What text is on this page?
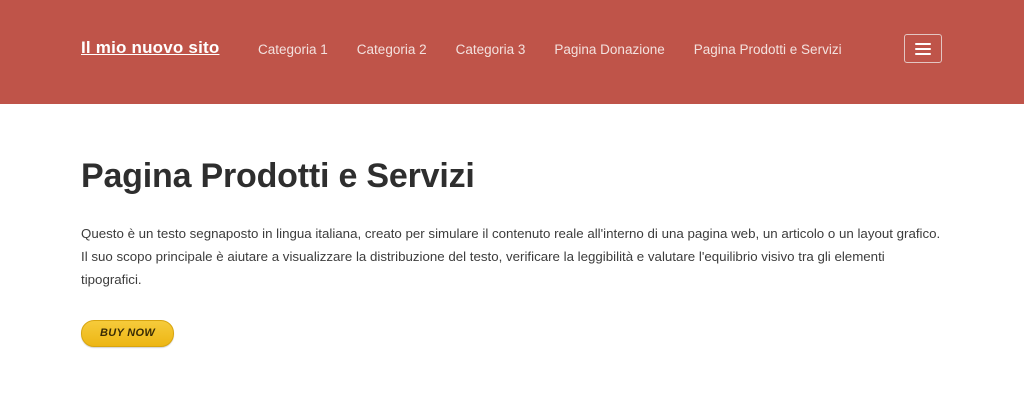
Il mio nuovo sito	Categoria 1 Categoria 2 Categoria 3 Pagina Donazione Pagina Prodotti e Servizi
Pagina Prodotti e Servizi

Questo è un testo segnaposto in lingua italiana, creato per simulare il contenuto reale all'interno di una pagina web, un articolo o un layout grafico. Il suo scopo principale è aiutare a visualizzare la distribuzione del testo, verificare la leggibilità e valutare l'equilibrio visivo tra gli elementi tipografici.

BUY NOW
